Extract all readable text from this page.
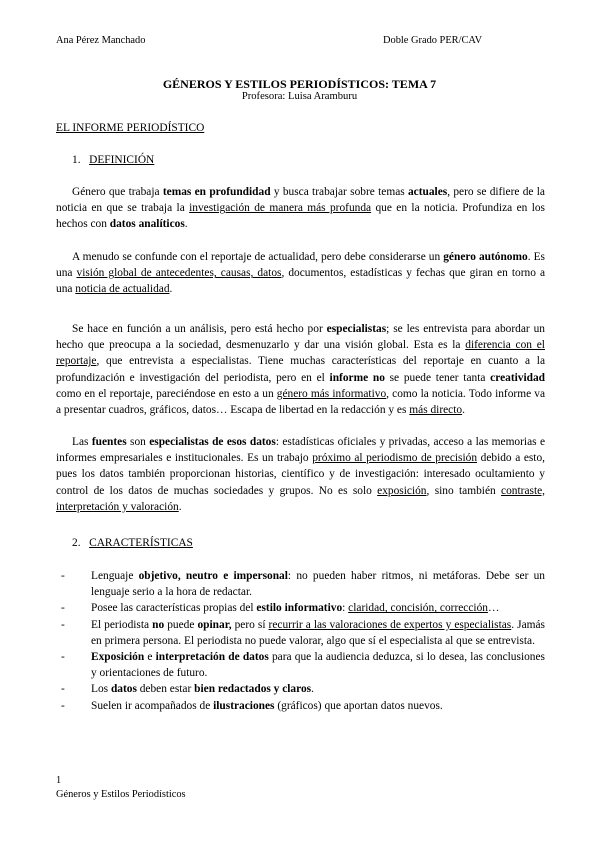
Ana Pérez Manchado	Doble Grado PER/CAV
GÉNEROS Y ESTILOS PERIODÍSTICOS: TEMA 7
Profesora: Luisa Aramburu
EL INFORME PERIODÍSTICO
1. DEFINICIÓN

Género que trabaja temas en profundidad y busca trabajar sobre temas actuales, pero se difiere de la noticia en que se trabaja la investigación de manera más profunda que en la noticia. Profundiza en los hechos con datos analíticos.

A menudo se confunde con el reportaje de actualidad, pero debe considerarse un género autónomo. Es una visión global de antecedentes, causas, datos, documentos, estadísticas y fechas que giran en torno a una noticia de actualidad.

Se hace en función a un análisis, pero está hecho por especialistas; se les entrevista para abordar un hecho que preocupa a la sociedad, desmenuzarlo y dar una visión global. Esta es la diferencia con el reportaje, que entrevista a especialistas. Tiene muchas características del reportaje en cuanto a la profundización e investigación del periodista, pero en el informe no se puede tener tanta creatividad como en el reportaje, pareciéndose en esto a un género más informativo, como la noticia. Todo informe va a presentar cuadros, gráficos, datos… Escapa de libertad en la redacción y es más directo.

Las fuentes son especialistas de esos datos: estadísticas oficiales y privadas, acceso a las memorias e informes empresariales e institucionales. Es un trabajo próximo al periodismo de precisión debido a esto, pues los datos también proporcionan historias, científico y de investigación: interesado ocultamiento y control de los datos de muchas sociedades y grupos. No es solo exposición, sino también contraste, interpretación y valoración.

2. CARACTERÍSTICAS
- Lenguaje objetivo, neutro e impersonal: no pueden haber ritmos, ni metáforas. Debe ser un lenguaje serio a la hora de redactar.
- Posee las características propias del estilo informativo: claridad, concisión, corrección…
- El periodista no puede opinar, pero sí recurrir a las valoraciones de expertos y especialistas. Jamás en primera persona. El periodista no puede valorar, algo que sí el especialista al que se entrevista.
- Exposición e interpretación de datos para que la audiencia deduzca, si lo desea, las conclusiones y orientaciones de futuro.
- Los datos deben estar bien redactados y claros.
- Suelen ir acompañados de ilustraciones (gráficos) que aportan datos nuevos.
1
Géneros y Estilos Periodísticos
